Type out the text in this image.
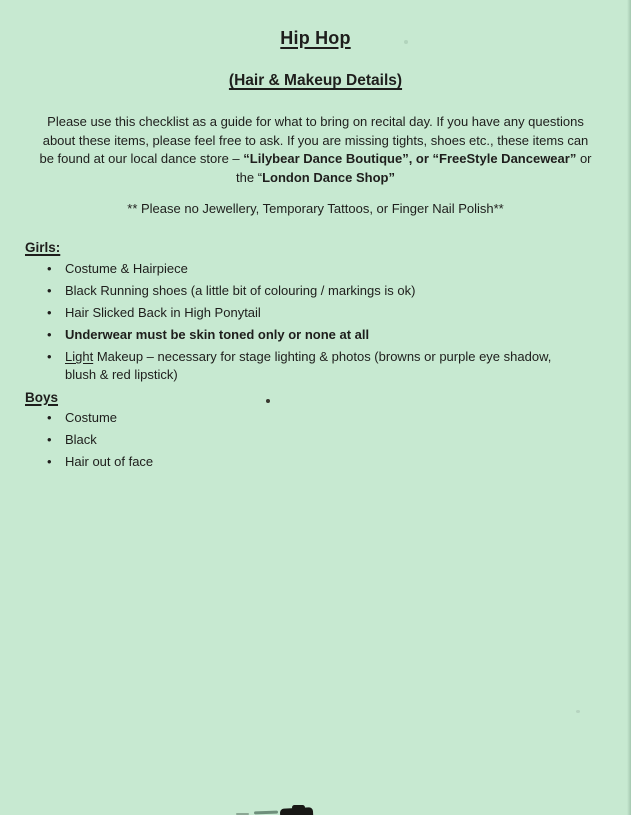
Hip Hop
(Hair & Makeup Details)
Please use this checklist as a guide for what to bring on recital day. If you have any questions
about these items, please feel free to ask. If you are missing tights, shoes etc., these items can
be found at our local dance store – “Lilybear Dance Boutique”, or “FreeStyle Dancewear” or
the “London Dance Shop”
** Please no Jewellery, Temporary Tattoos, or Finger Nail Polish**
Girls:
•	Costume & Hairpiece
•	Black Running shoes (a little bit of colouring / markings is ok)
•	Hair Slicked Back in High Ponytail
•	Underwear must be skin toned only or none at all
•	Light Makeup – necessary for stage lighting & photos (browns or purple eye shadow,
blush & red lipstick)
Boys
•	Costume
•	Black
•	Hair out of face
